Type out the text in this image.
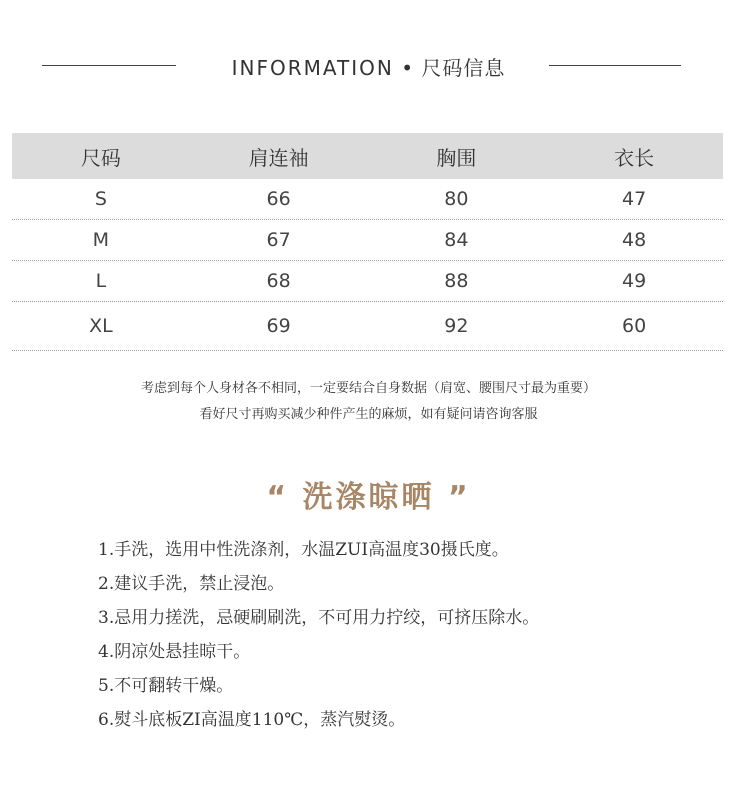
INFORMATION • 尺码信息
尺码	肩连袖	胸围	衣长
S	66	80	47
M	67	84	48
L	68	88	49
XL	69	92	60
考虑到每个人身材各不相同，一定要结合自身数据（肩宽、腰围尺寸最为重要）
看好尺寸再购买减少种件产生的麻烦，如有疑问请咨询客服
“ 洗涤晾晒 ”
1.手洗，选用中性洗涤剂，水温ZUI高温度30摄氏度。
2.建议手洗，禁止浸泡。
3.忌用力搓洗，忌硬刷刷洗，不可用力拧绞，可挤压除水。
4.阴凉处悬挂晾干。
5.不可翻转干燥。
6.熨斗底板ZI高温度110℃，蒸汽熨烫。
